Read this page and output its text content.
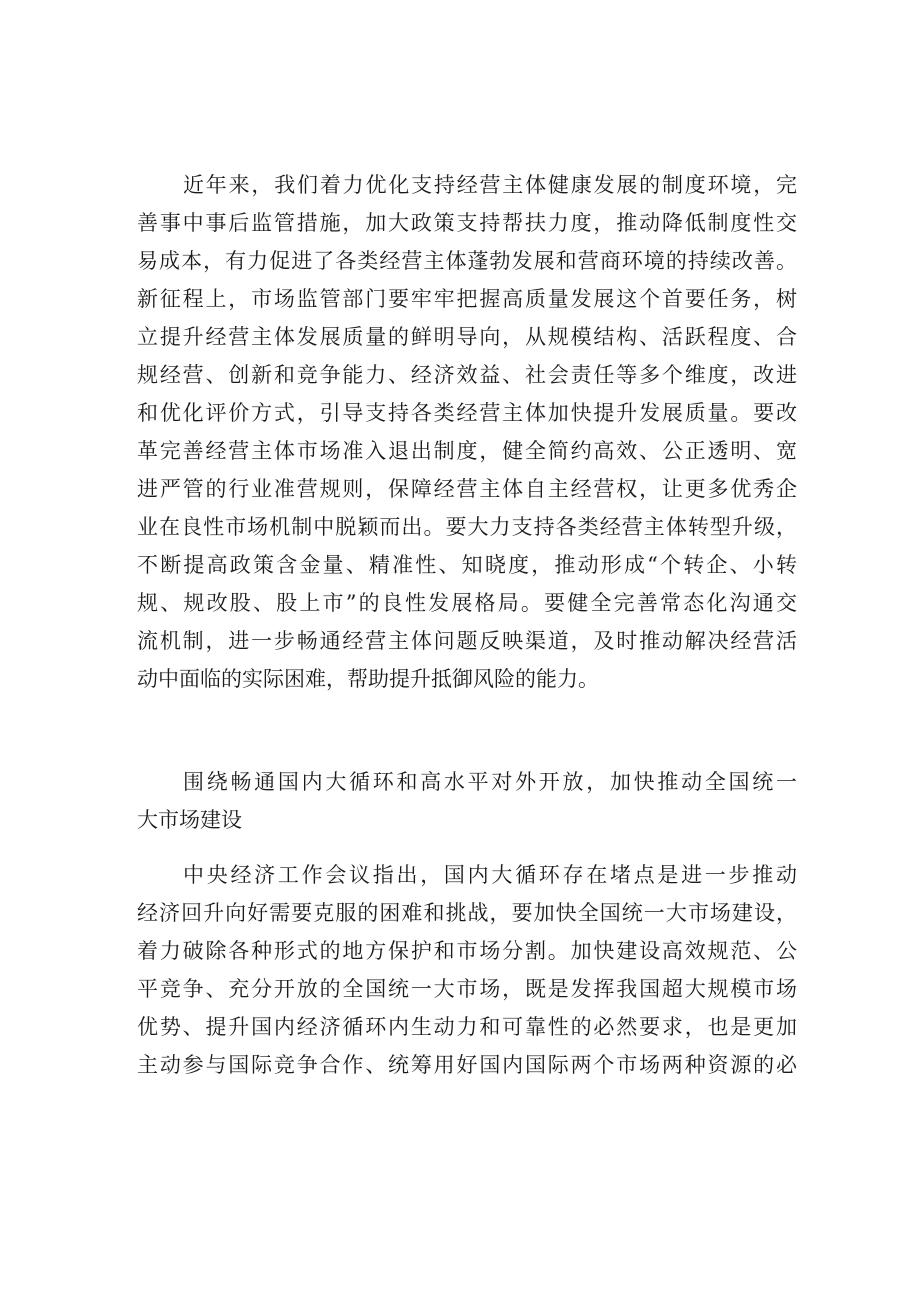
近年来，我们着力优化支持经营主体健康发展的制度环境，完
善事中事后监管措施，加大政策支持帮扶力度，推动降低制度性交
易成本，有力促进了各类经营主体蓬勃发展和营商环境的持续改善。
新征程上，市场监管部门要牢牢把握高质量发展这个首要任务，树
立提升经营主体发展质量的鲜明导向，从规模结构、活跃程度、合
规经营、创新和竞争能力、经济效益、社会责任等多个维度，改进
和优化评价方式，引导支持各类经营主体加快提升发展质量。要改
革完善经营主体市场准入退出制度，健全简约高效、公正透明、宽
进严管的行业准营规则，保障经营主体自主经营权，让更多优秀企
业在良性市场机制中脱颖而出。要大力支持各类经营主体转型升级，
不断提高政策含金量、精准性、知晓度，推动形成“个转企、小转
规、规改股、股上市”的良性发展格局。要健全完善常态化沟通交
流机制，进一步畅通经营主体问题反映渠道，及时推动解决经营活
动中面临的实际困难，帮助提升抵御风险的能力。
围绕畅通国内大循环和高水平对外开放，加快推动全国统一
大市场建设
中央经济工作会议指出，国内大循环存在堵点是进一步推动
经济回升向好需要克服的困难和挑战，要加快全国统一大市场建设，
着力破除各种形式的地方保护和市场分割。加快建设高效规范、公
平竞争、充分开放的全国统一大市场，既是发挥我国超大规模市场
优势、提升国内经济循环内生动力和可靠性的必然要求，也是更加
主动参与国际竞争合作、统筹用好国内国际两个市场两种资源的必
